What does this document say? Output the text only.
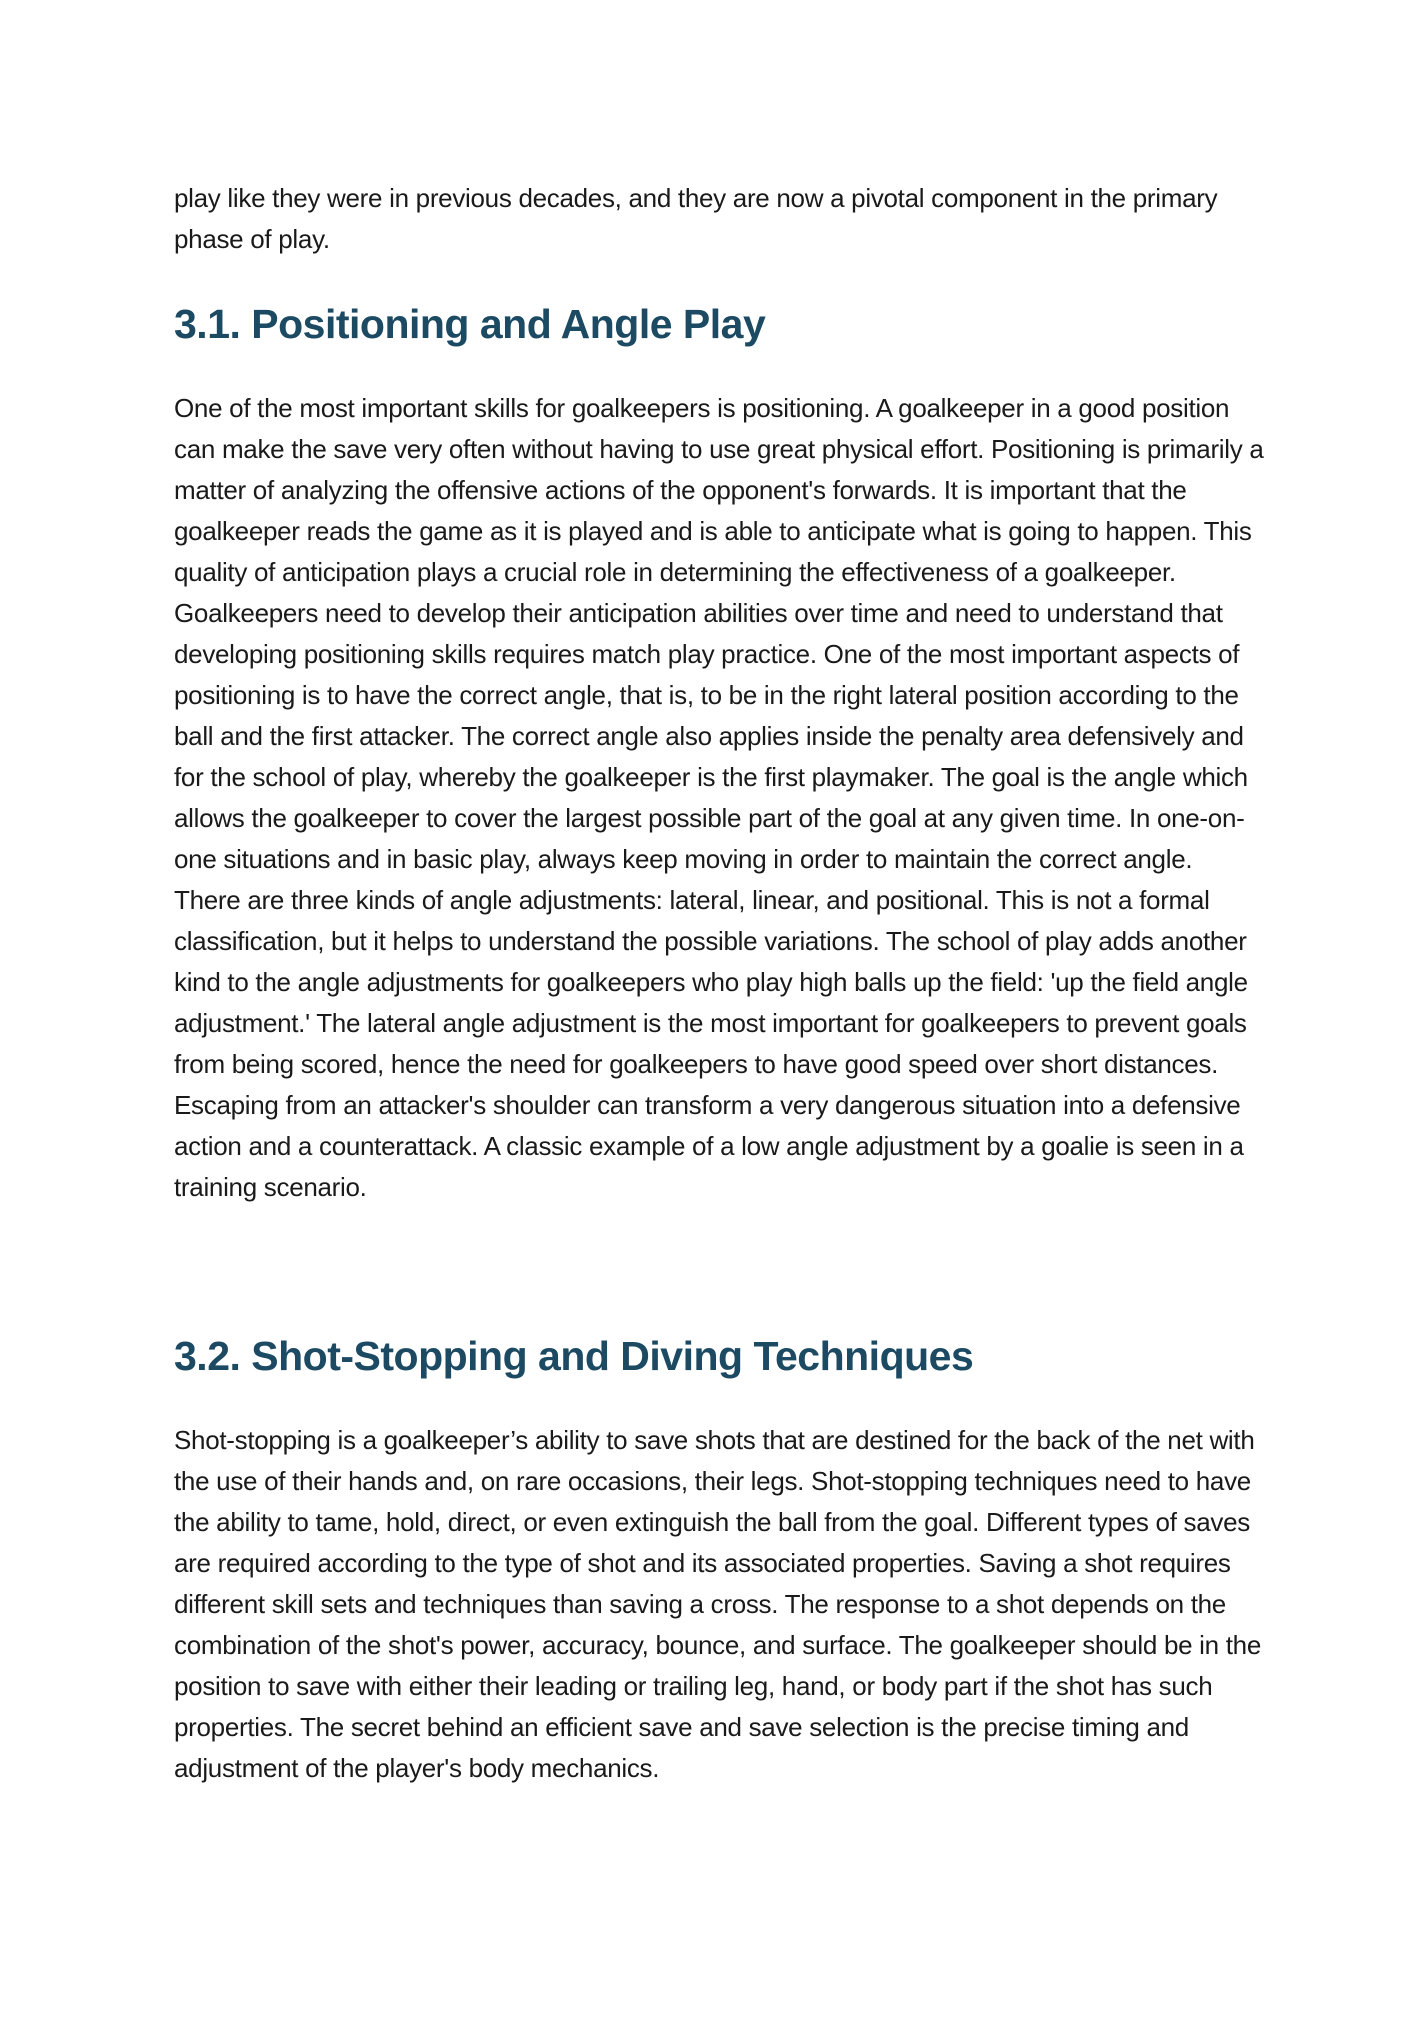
play like they were in previous decades, and they are now a pivotal component in the primary phase of play.

3.1. Positioning and Angle Play

One of the most important skills for goalkeepers is positioning. A goalkeeper in a good position can make the save very often without having to use great physical effort. Positioning is primarily a matter of analyzing the offensive actions of the opponent's forwards. It is important that the goalkeeper reads the game as it is played and is able to anticipate what is going to happen. This quality of anticipation plays a crucial role in determining the effectiveness of a goalkeeper. Goalkeepers need to develop their anticipation abilities over time and need to understand that developing positioning skills requires match play practice. One of the most important aspects of positioning is to have the correct angle, that is, to be in the right lateral position according to the ball and the first attacker. The correct angle also applies inside the penalty area defensively and for the school of play, whereby the goalkeeper is the first playmaker. The goal is the angle which allows the goalkeeper to cover the largest possible part of the goal at any given time. In one-on-one situations and in basic play, always keep moving in order to maintain the correct angle. There are three kinds of angle adjustments: lateral, linear, and positional. This is not a formal classification, but it helps to understand the possible variations. The school of play adds another kind to the angle adjustments for goalkeepers who play high balls up the field: 'up the field angle adjustment.' The lateral angle adjustment is the most important for goalkeepers to prevent goals from being scored, hence the need for goalkeepers to have good speed over short distances. Escaping from an attacker's shoulder can transform a very dangerous situation into a defensive action and a counterattack. A classic example of a low angle adjustment by a goalie is seen in a training scenario.

3.2. Shot-Stopping and Diving Techniques

Shot-stopping is a goalkeeper’s ability to save shots that are destined for the back of the net with the use of their hands and, on rare occasions, their legs. Shot-stopping techniques need to have the ability to tame, hold, direct, or even extinguish the ball from the goal. Different types of saves are required according to the type of shot and its associated properties. Saving a shot requires different skill sets and techniques than saving a cross. The response to a shot depends on the combination of the shot's power, accuracy, bounce, and surface. The goalkeeper should be in the position to save with either their leading or trailing leg, hand, or body part if the shot has such properties. The secret behind an efficient save and save selection is the precise timing and adjustment of the player's body mechanics.
